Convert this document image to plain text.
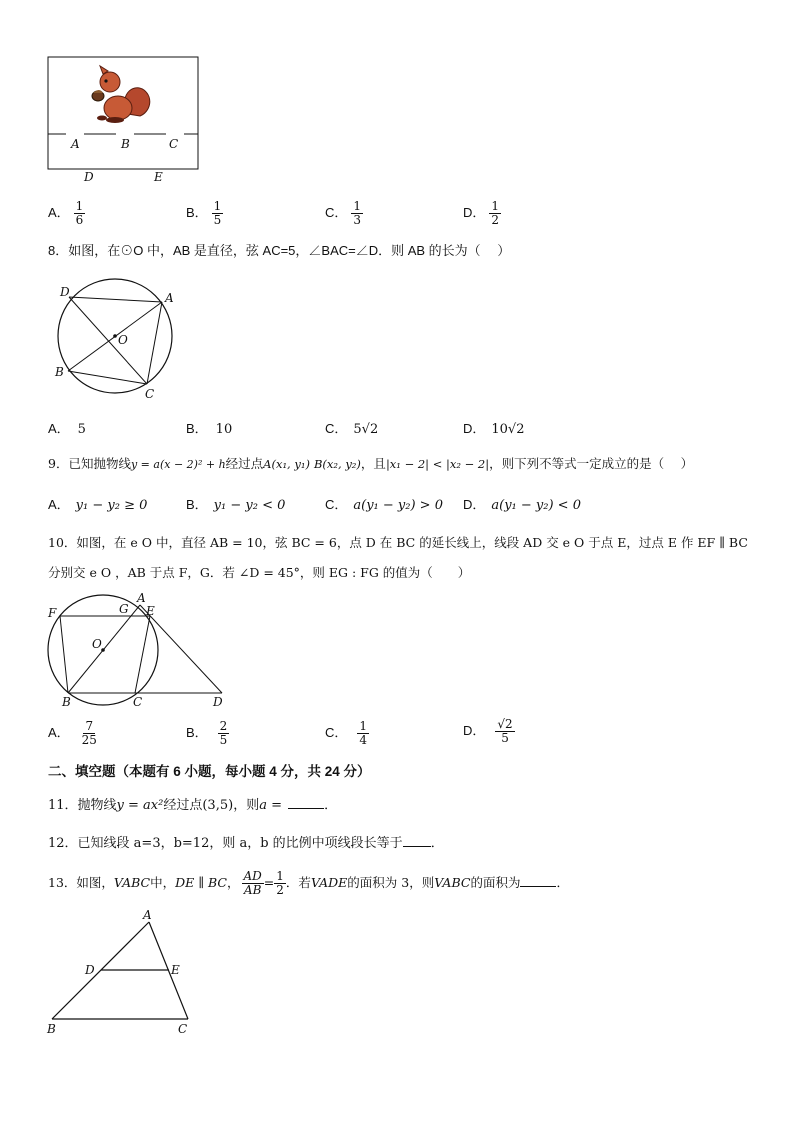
A	B	C
D	E
A． $\frac{1}{6}$	B． $\frac{1}{5}$	C． $\frac{1}{3}$	D． $\frac{1}{2}$
8．如图，在⊙O 中，AB 是直径，弦 AC=5，∠BAC=∠D．则 AB 的长为（　 ）
D	A
O
B
C
A． 5	B． 10	C． 5√2	D． 10√2
9．已知抛物线y = a(x − 2)² + h经过点A(x₁, y₁) B(x₂, y₂)，且|x₁ − 2| < |x₂ − 2|，则下列不等式一定成立的是（　 ）
A． y₁ − y₂ ≥ 0	B． y₁ − y₂ < 0	C． a(y₁ − y₂) > 0 D． a(y₁ − y₂) < 0
10．如图，在 e O 中，直径 AB = 10，弦 BC = 6，点 D 在 BC 的延长线上，线段 AD 交 e O 于点 E，过点 E 作 EF ∥ BC
分别交 e O ，AB 于点 F，G．若 ∠D = 45°，则 EG : FG 的值为（　　）
F	G
A
E
O
B	C	D
A． $\frac{7}{25}$	B． $\frac{2}{5}$	C． $\frac{1}{4}$	D． $\frac{√2}{5}$
二、填空题（本题有 6 小题，每小题 4 分，共 24 分）
11．抛物线y = ax²经过点(3,5)，则a =	．
12．已知线段 a=3，b=12，则 a，b 的比例中项线段长等于 ．
13．如图，VABC中，DE ∥ BC， $\frac{AD}{AB} = \frac{1}{2}$ ．若VADE的面积为 3，则VABC的面积为	．
A
D	E
B	C
